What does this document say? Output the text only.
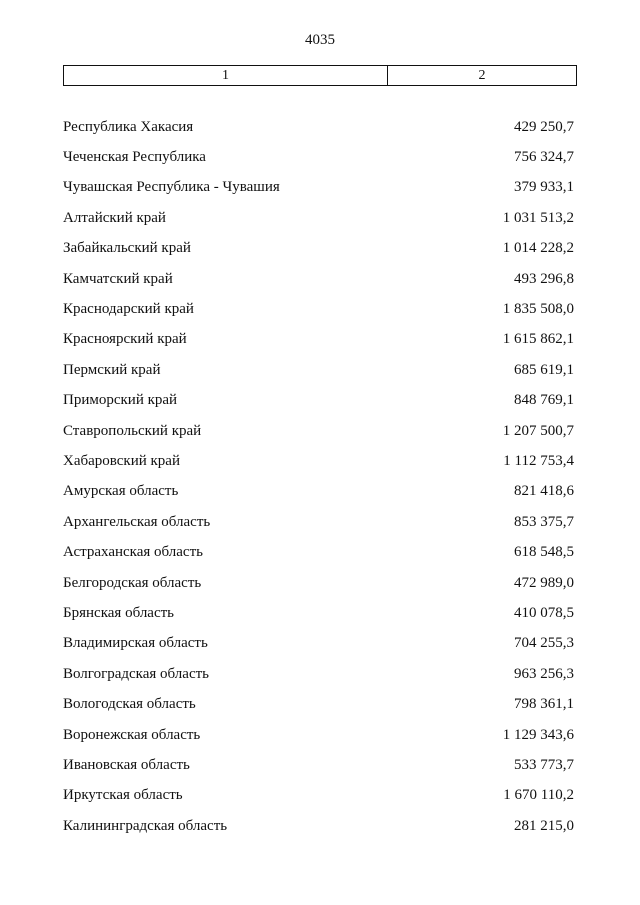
4035
1	2
Республика Хакасия	429 250,7
Чеченская Республика	756 324,7
Чувашская Республика - Чувашия	379 933,1
Алтайский край	1 031 513,2
Забайкальский край	1 014 228,2
Камчатский край	493 296,8
Краснодарский край	1 835 508,0
Красноярский край	1 615 862,1
Пермский край	685 619,1
Приморский край	848 769,1
Ставропольский край	1 207 500,7
Хабаровский край	1 112 753,4
Амурская область	821 418,6
Архангельская область	853 375,7
Астраханская область	618 548,5
Белгородская область	472 989,0
Брянская область	410 078,5
Владимирская область	704 255,3
Волгоградская область	963 256,3
Вологодская область	798 361,1
Воронежская область	1 129 343,6
Ивановская область	533 773,7
Иркутская область	1 670 110,2
Калининградская область	281 215,0
